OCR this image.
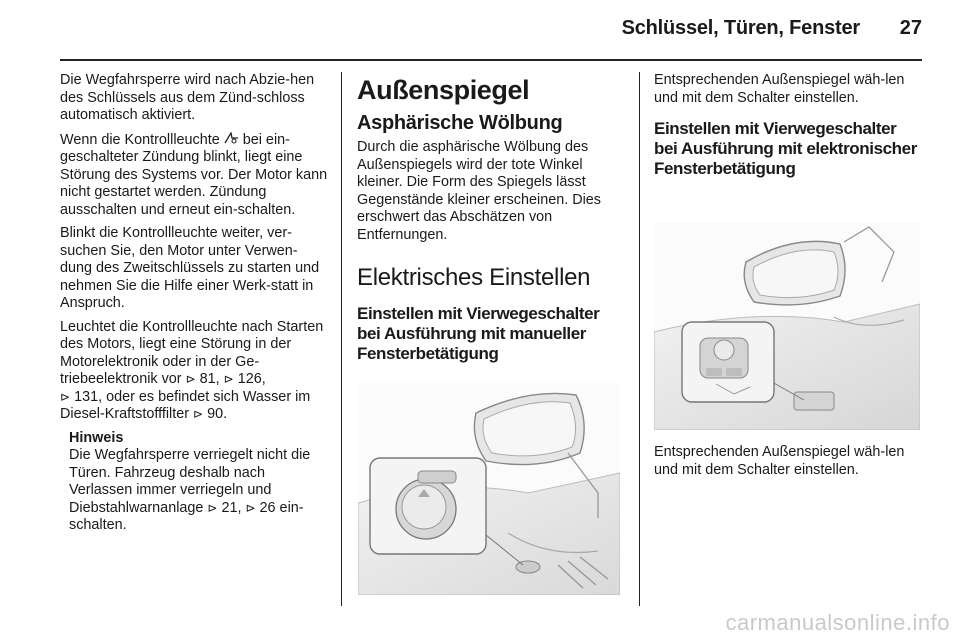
Schlüssel, Türen, Fenster 27

Die Wegfahrsperre wird nach Abzie-hen des Schlüssels aus dem Zünd-schloss automatisch aktiviert.

Wenn die Kontrollleuchte  bei ein-geschalteter Zündung blinkt, liegt eine Störung des Systems vor. Der Motor kann nicht gestartet werden. Zündung ausschalten und erneut ein-schalten.

Blinkt die Kontrollleuchte weiter, ver-suchen Sie, den Motor unter Verwen-dung des Zweitschlüssels zu starten und nehmen Sie die Hilfe einer Werk-statt in Anspruch.

Leuchtet die Kontrollleuchte nach Starten des Motors, liegt eine Störung in der Motorelektronik oder in der Ge-triebeelektronik vor ⊳ 81, ⊳ 126,
⊳ 131, oder es befindet sich Wasser im Diesel-Kraftstofffilter ⊳ 90.

Hinweis
Die Wegfahrsperre verriegelt nicht die Türen. Fahrzeug deshalb nach Verlassen immer verriegeln und Diebstahlwarnanlage ⊳ 21, ⊳ 26 ein-schalten.
Außenspiegel
Asphärische Wölbung

Durch die asphärische Wölbung des Außenspiegels wird der tote Winkel kleiner. Die Form des Spiegels lässt Gegenstände kleiner erscheinen. Dies erschwert das Abschätzen von Entfernungen.

Elektrisches Einstellen
Einstellen mit Vierwegeschalter bei Ausführung mit manueller Fensterbetätigung

Entsprechenden Außenspiegel wäh-len und mit dem Schalter einstellen.

Einstellen mit Vierwegeschalter bei Ausführung mit elektronischer Fensterbetätigung

Entsprechenden Außenspiegel wäh-len und mit dem Schalter einstellen.

carmanualsonline.info
